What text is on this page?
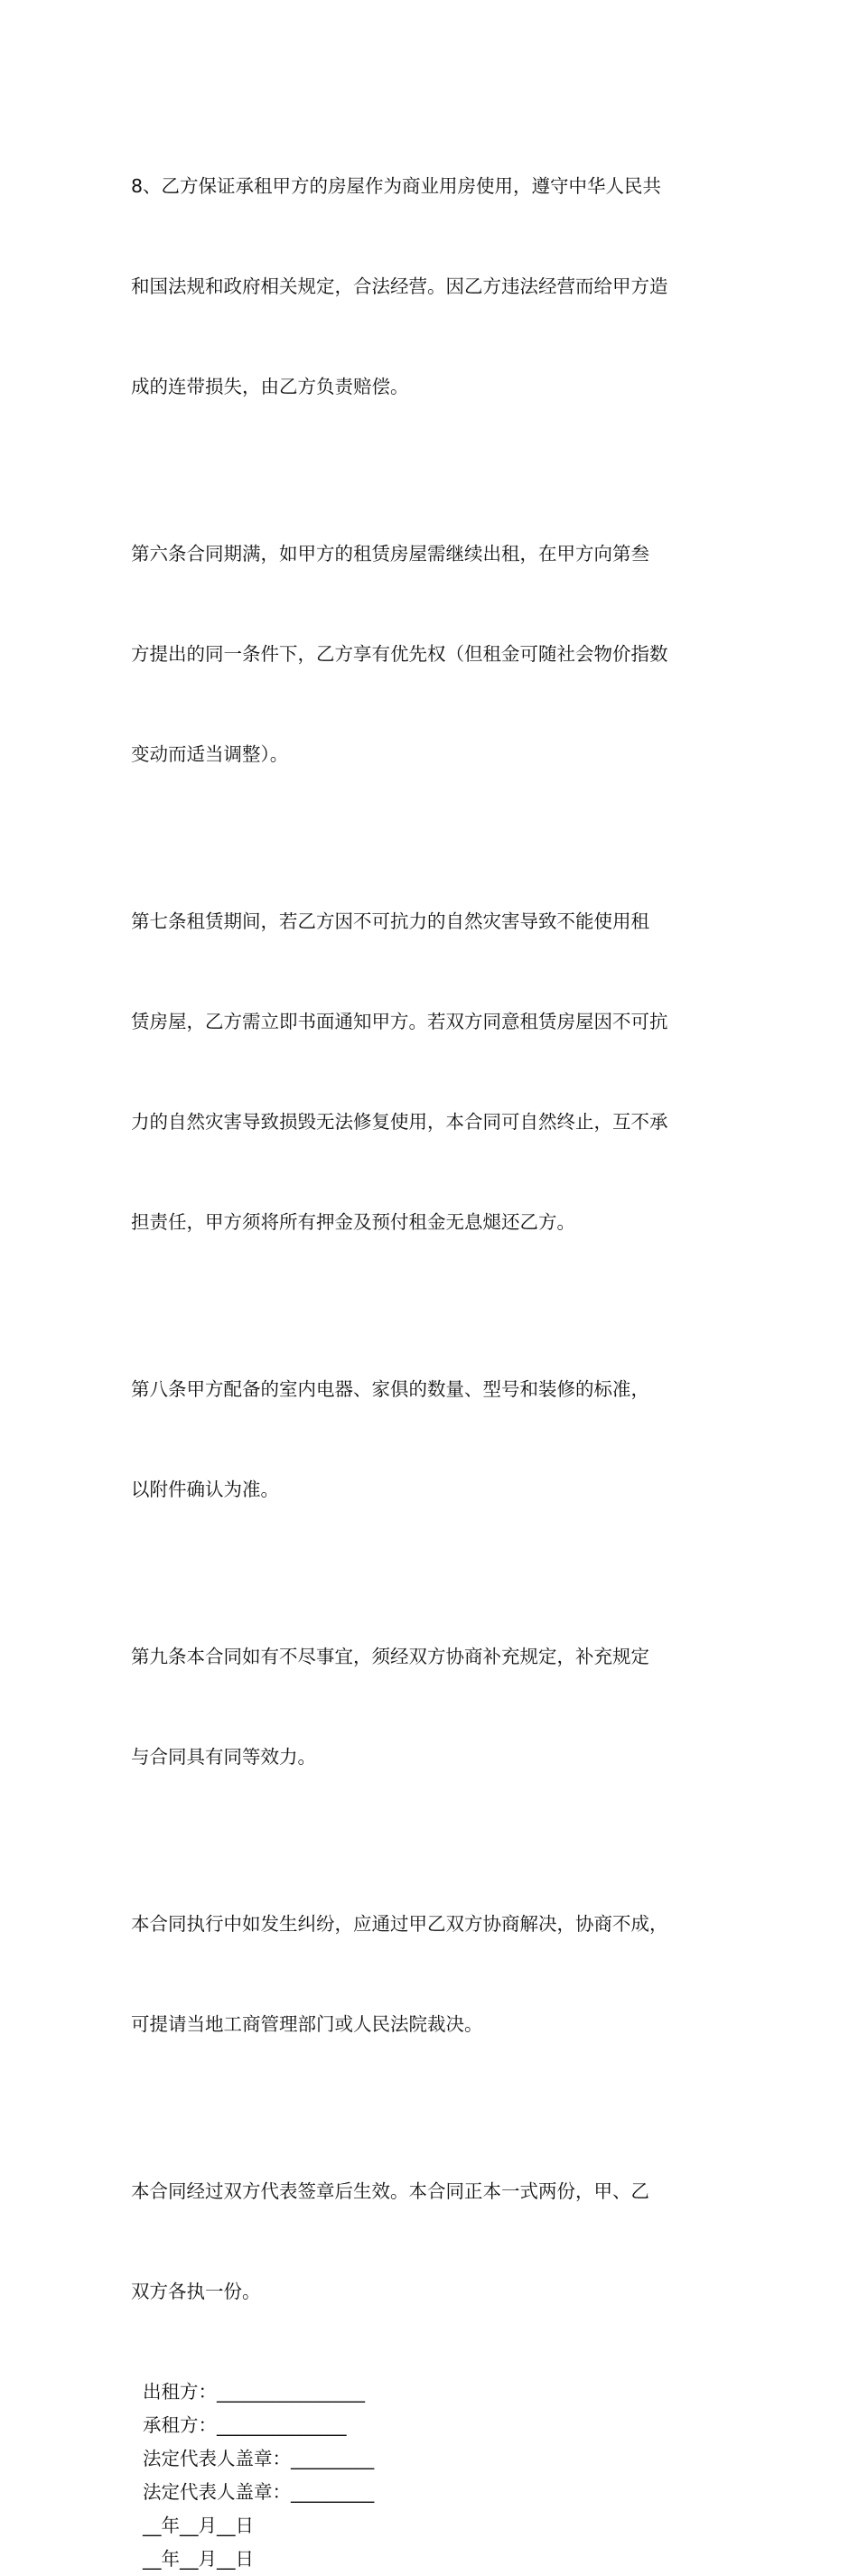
8、乙方保证承租甲方的房屋作为商业用房使用，遵守中华人民共

和国法规和政府相关规定，合法经营。因乙方违法经营而给甲方造

成的连带损失，由乙方负责赔偿。

第六条合同期满，如甲方的租赁房屋需继续出租，在甲方向第叁

方提出的同一条件下，乙方享有优先权（但租金可随社会物价指数

变动而适当调整）。

第七条租赁期间，若乙方因不可抗力的自然灾害导致不能使用租

赁房屋，乙方需立即书面通知甲方。若双方同意租赁房屋因不可抗

力的自然灾害导致损毁无法修复使用，本合同可自然终止，互不承

担责任，甲方须将所有押金及预付租金无息煺还乙方。

第八条甲方配备的室内电器、家俱的数量、型号和装修的标准，

以附件确认为准。

第九条本合同如有不尽事宜，须经双方协商补充规定，补充规定

与合同具有同等效力。

本合同执行中如发生纠纷，应通过甲乙双方协商解决，协商不成，

可提请当地工商管理部门或人民法院裁决。

本合同经过双方代表签章后生效。本合同正本一式两份，甲、乙

双方各执一份。

出租方：________________

承租方：______________

法定代表人盖章：_________

法定代表人盖章：_________

__年__月__日

__年__月__日
